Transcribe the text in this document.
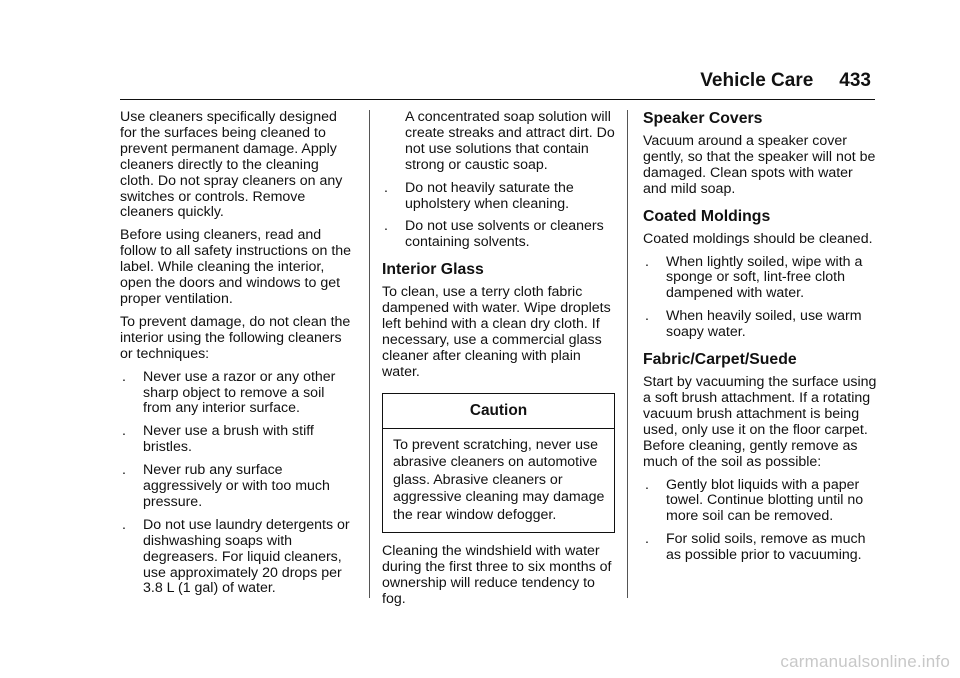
Vehicle Care 433

Use cleaners specifically designed for the surfaces being cleaned to prevent permanent damage. Apply cleaners directly to the cleaning cloth. Do not spray cleaners on any switches or controls. Remove cleaners quickly.

Before using cleaners, read and follow to all safety instructions on the label. While cleaning the interior, open the doors and windows to get proper ventilation.

To prevent damage, do not clean the interior using the following cleaners or techniques:

. Never use a razor or any other sharp object to remove a soil from any interior surface.
. Never use a brush with stiff bristles.
. Never rub any surface aggressively or with too much pressure.
. Do not use laundry detergents or dishwashing soaps with degreasers. For liquid cleaners, use approximately 20 drops per 3.8 L (1 gal) of water.
A concentrated soap solution will create streaks and attract dirt. Do not use solutions that contain strong or caustic soap.
. Do not heavily saturate the upholstery when cleaning.
. Do not use solvents or cleaners containing solvents.
Interior Glass

To clean, use a terry cloth fabric dampened with water. Wipe droplets left behind with a clean dry cloth. If necessary, use a commercial glass cleaner after cleaning with plain water.

Caution
To prevent scratching, never use abrasive cleaners on automotive glass. Abrasive cleaners or aggressive cleaning may damage the rear window defogger.

Cleaning the windshield with water during the first three to six months of ownership will reduce tendency to fog.

Speaker Covers

Vacuum around a speaker cover gently, so that the speaker will not be damaged. Clean spots with water and mild soap.

Coated Moldings

Coated moldings should be cleaned.

. When lightly soiled, wipe with a sponge or soft, lint-free cloth dampened with water.
. When heavily soiled, use warm soapy water.
Fabric/Carpet/Suede

Start by vacuuming the surface using a soft brush attachment. If a rotating vacuum brush attachment is being used, only use it on the floor carpet. Before cleaning, gently remove as much of the soil as possible:

. Gently blot liquids with a paper towel. Continue blotting until no more soil can be removed.
. For solid soils, remove as much as possible prior to vacuuming.
carmanualsonline.info
